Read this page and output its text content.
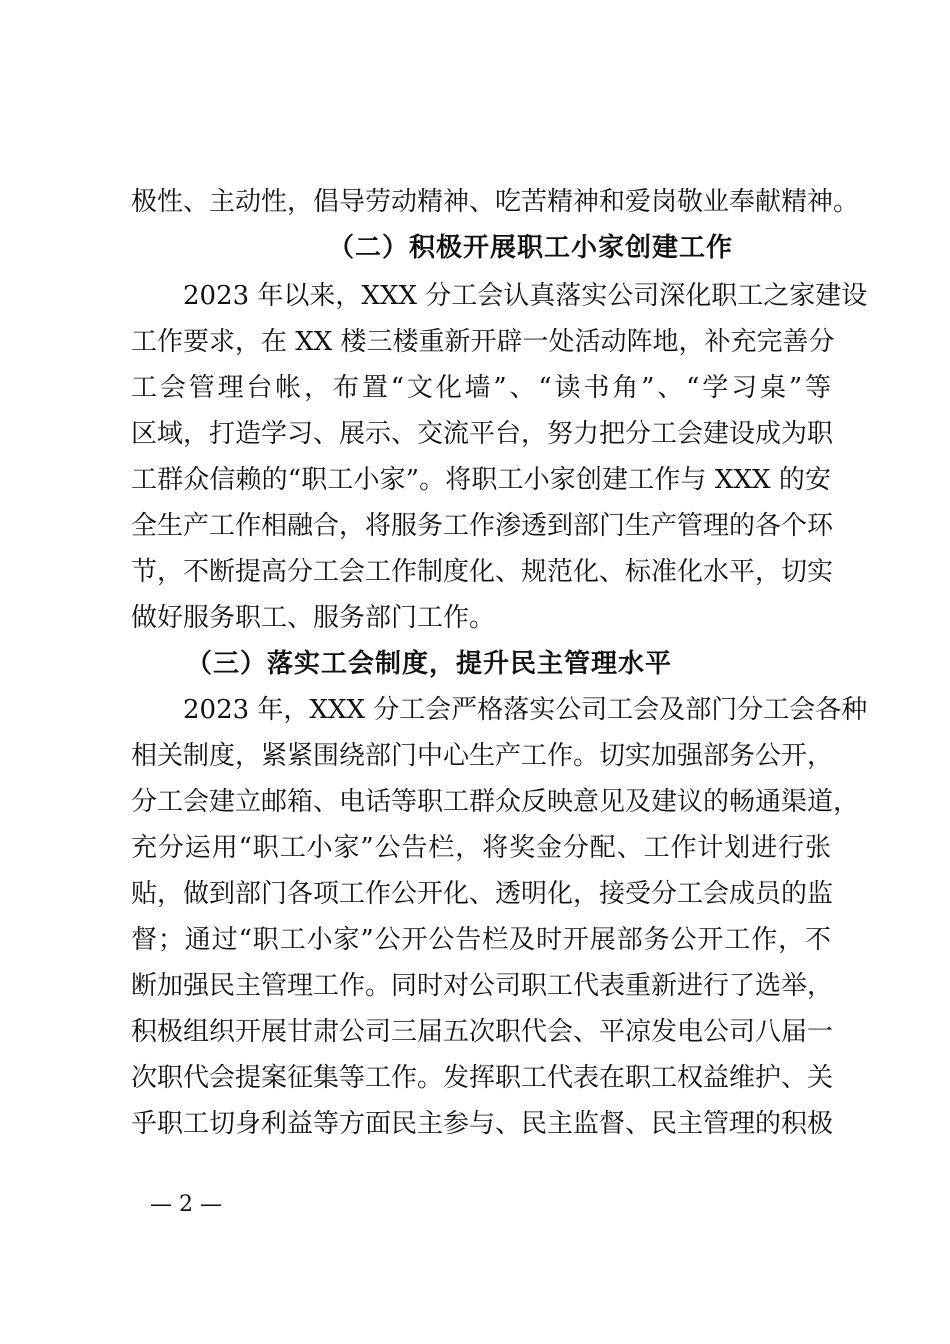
极性、主动性，倡导劳动精神、吃苦精神和爱岗敬业奉献精神。
（二）积极开展职工小家创建工作
2023 年以来，XXX 分工会认真落实公司深化职工之家建设
工作要求，在 XX 楼三楼重新开辟一处活动阵地，补充完善分
工会管理台帐，布置“文化墙”、“读书角”、“学习桌”等
区域，打造学习、展示、交流平台，努力把分工会建设成为职
工群众信赖的“职工小家”。将职工小家创建工作与 XXX 的安
全生产工作相融合，将服务工作渗透到部门生产管理的各个环
节，不断提高分工会工作制度化、规范化、标准化水平，切实
做好服务职工、服务部门工作。
（三）落实工会制度，提升民主管理水平
2023 年，XXX 分工会严格落实公司工会及部门分工会各种
相关制度，紧紧围绕部门中心生产工作。切实加强部务公开，
分工会建立邮箱、电话等职工群众反映意见及建议的畅通渠道，
充分运用“职工小家”公告栏，将奖金分配、工作计划进行张
贴，做到部门各项工作公开化、透明化，接受分工会成员的监
督；通过“职工小家”公开公告栏及时开展部务公开工作，不
断加强民主管理工作。同时对公司职工代表重新进行了选举，
积极组织开展甘肃公司三届五次职代会、平凉发电公司八届一
次职代会提案征集等工作。发挥职工代表在职工权益维护、关
乎职工切身利益等方面民主参与、民主监督、民主管理的积极
— 2 —
